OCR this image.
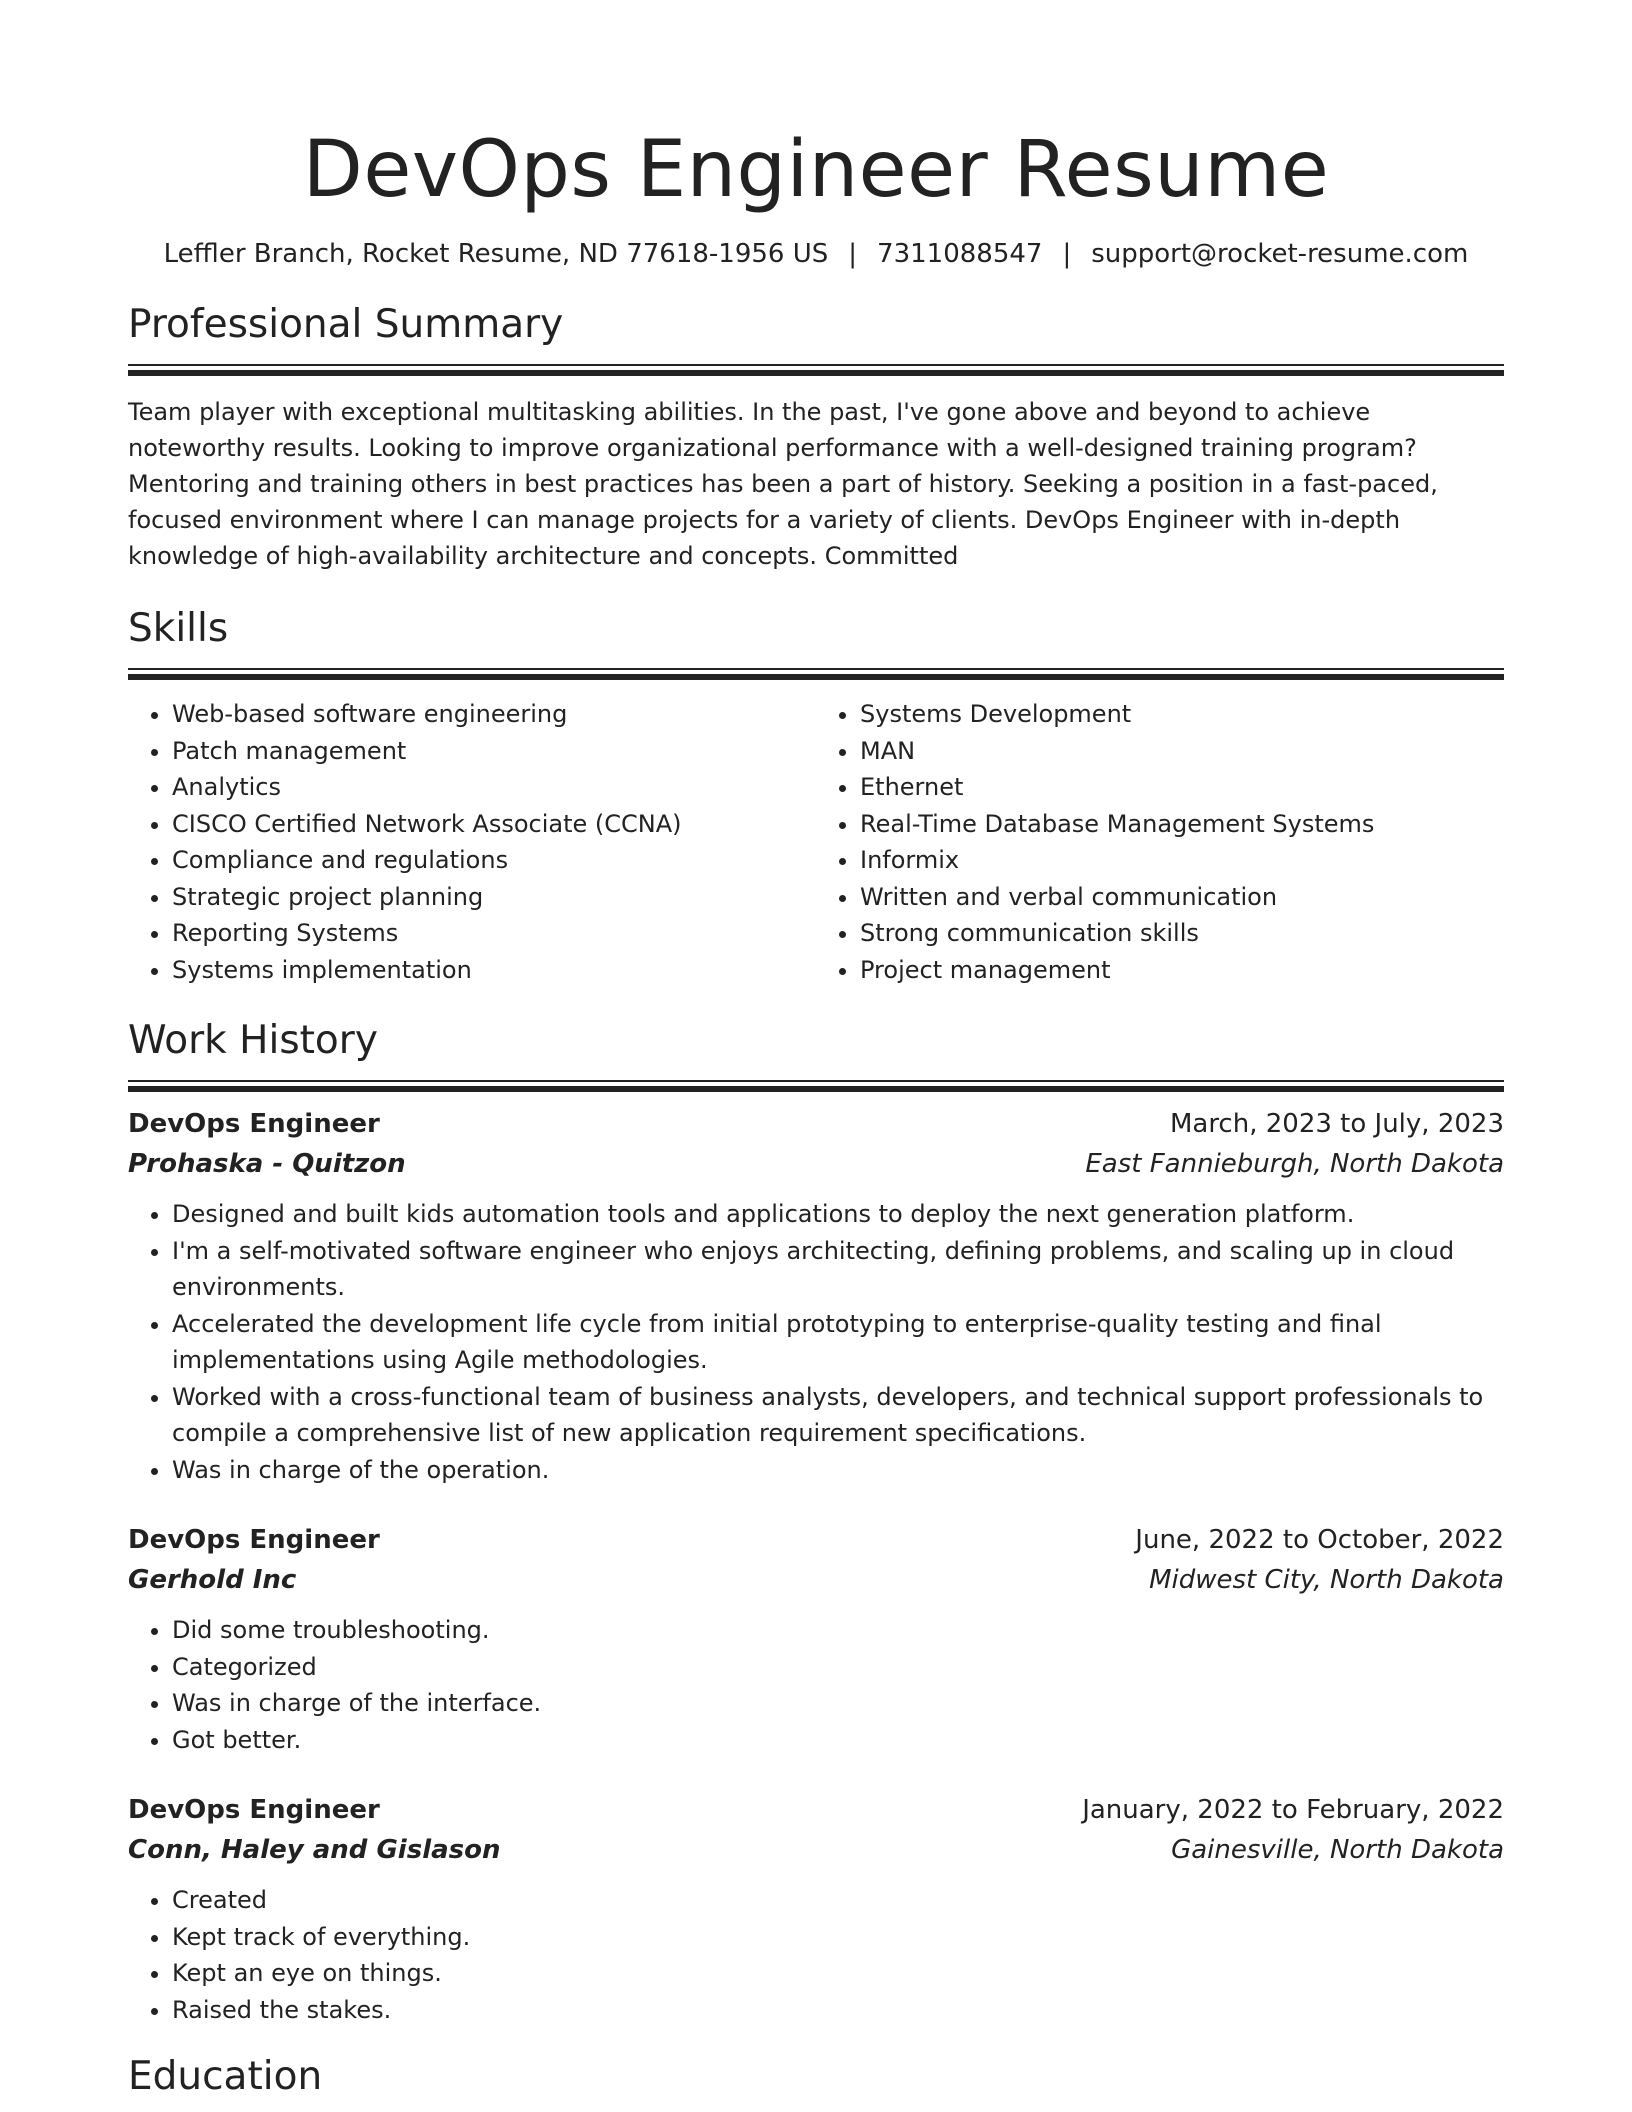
DevOps Engineer Resume
Leffler Branch, Rocket Resume, ND 77618-1956 US | 7311088547 | support@rocket-resume.com
Professional Summary

Team player with exceptional multitasking abilities. In the past, I've gone above and beyond to achieve noteworthy results. Looking to improve organizational performance with a well-designed training program? Mentoring and training others in best practices has been a part of history. Seeking a position in a fast-paced, focused environment where I can manage projects for a variety of clients. DevOps Engineer with in-depth knowledge of high-availability architecture and concepts. Committed

Skills
• Web-based software engineering
• Patch management
• Analytics
• CISCO Certified Network Associate (CCNA)
• Compliance and regulations
• Strategic project planning
• Reporting Systems
• Systems implementation
• Systems Development
• MAN
• Ethernet
• Real-Time Database Management Systems
• Informix
• Written and verbal communication
• Strong communication skills
• Project management
Work History
DevOps Engineer	March, 2023 to July, 2023
Prohaska - Quitzon	East Fannieburgh, North Dakota
• Designed and built kids automation tools and applications to deploy the next generation platform.
• I'm a self-motivated software engineer who enjoys architecting, defining problems, and scaling up in cloud environments.
• Accelerated the development life cycle from initial prototyping to enterprise-quality testing and final implementations using Agile methodologies.
• Worked with a cross-functional team of business analysts, developers, and technical support professionals to compile a comprehensive list of new application requirement specifications.
• Was in charge of the operation.
DevOps Engineer	June, 2022 to October, 2022
Gerhold Inc	Midwest City, North Dakota
• Did some troubleshooting.
• Categorized
• Was in charge of the interface.
• Got better.
DevOps Engineer	January, 2022 to February, 2022
Conn, Haley and Gislason	Gainesville, North Dakota
• Created
• Kept track of everything.
• Kept an eye on things.
• Raised the stakes.
Education
